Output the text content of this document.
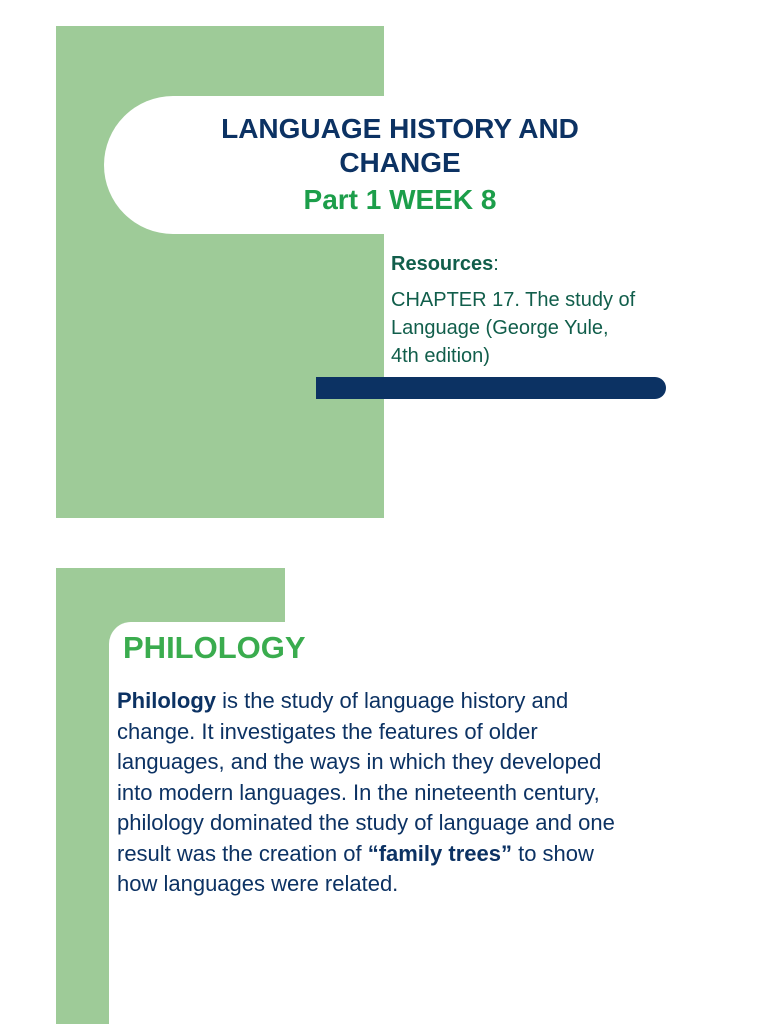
LANGUAGE HISTORY AND
CHANGE
Part 1 WEEK 8
Resources:
CHAPTER 17. The study of
Language (George Yule,
4th edition)
PHILOLOGY

Philology is the study of language history and change. It investigates the features of older languages, and the ways in which they developed into modern languages. In the nineteenth century, philology dominated the study of language and one result was the creation of “family trees” to show how languages were related.
